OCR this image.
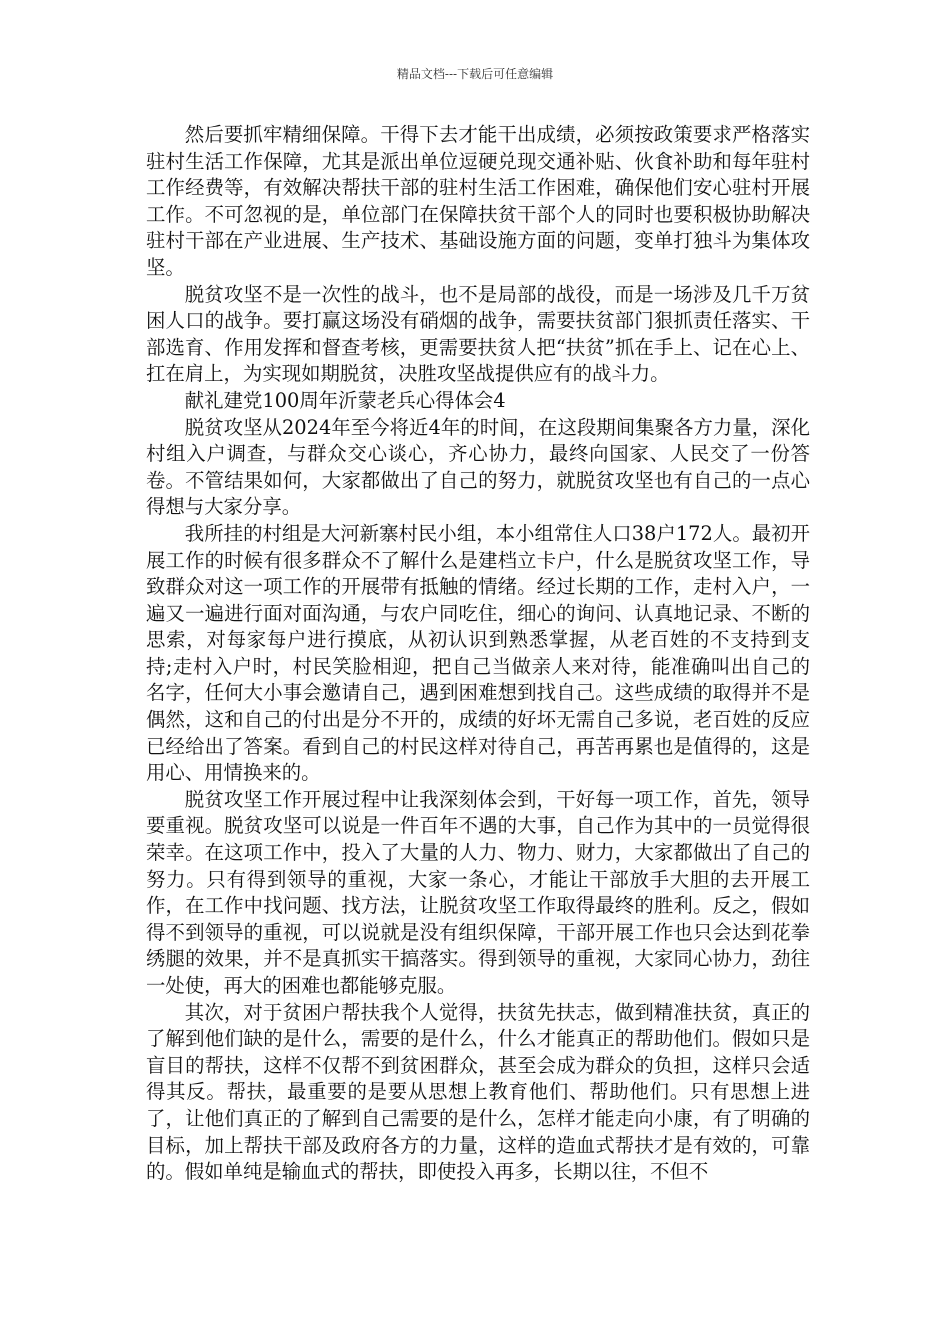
精品文档---下载后可任意编辑

然后要抓牢精细保障。干得下去才能干出成绩，必须按政策要求严格落实驻村生活工作保障，尤其是派出单位逗硬兑现交通补贴、伙食补助和每年驻村工作经费等，有效解决帮扶干部的驻村生活工作困难，确保他们安心驻村开展工作。不可忽视的是，单位部门在保障扶贫干部个人的同时也要积极协助解决驻村干部在产业进展、生产技术、基础设施方面的问题，变单打独斗为集体攻坚。

脱贫攻坚不是一次性的战斗，也不是局部的战役，而是一场涉及几千万贫困人口的战争。要打赢这场没有硝烟的战争，需要扶贫部门狠抓责任落实、干部选育、作用发挥和督查考核，更需要扶贫人把“扶贫”抓在手上、记在心上、扛在肩上，为实现如期脱贫，决胜攻坚战提供应有的战斗力。

献礼建党100周年沂蒙老兵心得体会4

脱贫攻坚从2024年至今将近4年的时间，在这段期间集聚各方力量，深化村组入户调查，与群众交心谈心，齐心协力，最终向国家、人民交了一份答卷。不管结果如何，大家都做出了自己的努力，就脱贫攻坚也有自己的一点心得想与大家分享。

我所挂的村组是大河新寨村民小组，本小组常住人口38户172人。最初开展工作的时候有很多群众不了解什么是建档立卡户，什么是脱贫攻坚工作，导致群众对这一项工作的开展带有抵触的情绪。经过长期的工作，走村入户，一遍又一遍进行面对面沟通，与农户同吃住，细心的询问、认真地记录、不断的思索，对每家每户进行摸底，从初认识到熟悉掌握，从老百姓的不支持到支持;走村入户时，村民笑脸相迎，把自己当做亲人来对待，能准确叫出自己的名字，任何大小事会邀请自己，遇到困难想到找自己。这些成绩的取得并不是偶然，这和自己的付出是分不开的，成绩的好坏无需自己多说，老百姓的反应已经给出了答案。看到自己的村民这样对待自己，再苦再累也是值得的，这是用心、用情换来的。

脱贫攻坚工作开展过程中让我深刻体会到，干好每一项工作，首先，领导要重视。脱贫攻坚可以说是一件百年不遇的大事，自己作为其中的一员觉得很荣幸。在这项工作中，投入了大量的人力、物力、财力，大家都做出了自己的努力。只有得到领导的重视，大家一条心，才能让干部放手大胆的去开展工作，在工作中找问题、找方法，让脱贫攻坚工作取得最终的胜利。反之，假如得不到领导的重视，可以说就是没有组织保障，干部开展工作也只会达到花拳绣腿的效果，并不是真抓实干搞落实。得到领导的重视，大家同心协力，劲往一处使，再大的困难也都能够克服。

其次，对于贫困户帮扶我个人觉得，扶贫先扶志，做到精准扶贫，真正的了解到他们缺的是什么，需要的是什么，什么才能真正的帮助他们。假如只是盲目的帮扶，这样不仅帮不到贫困群众，甚至会成为群众的负担，这样只会适得其反。帮扶，最重要的是要从思想上教育他们、帮助他们。只有思想上进了，让他们真正的了解到自己需要的是什么，怎样才能走向小康，有了明确的目标，加上帮扶干部及政府各方的力量，这样的造血式帮扶才是有效的，可靠的。假如单纯是输血式的帮扶，即使投入再多，长期以往，不但不
